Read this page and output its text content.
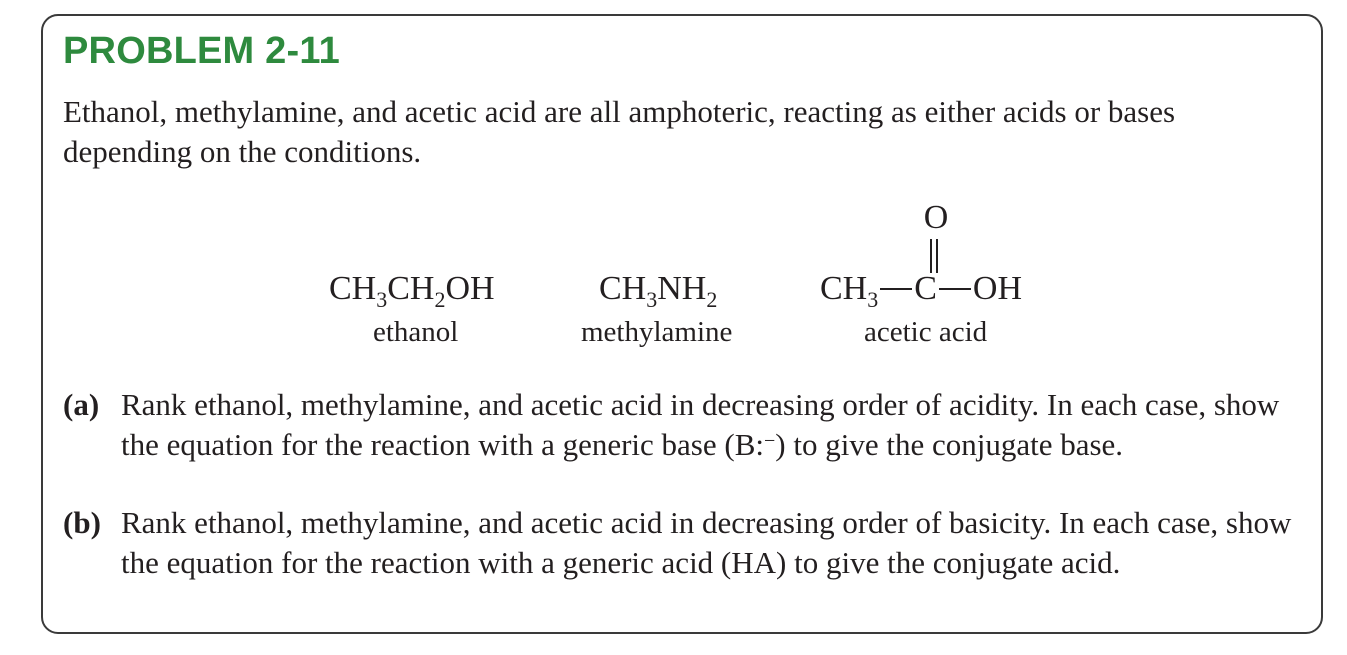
PROBLEM 2-11

Ethanol, methylamine, and acetic acid are all amphoteric, reacting as either acids or bases depending on the conditions.

$CH_3CH_2OH$
ethanol
$CH_3NH_2$
methylamine
O
$CH_3$ C OH
acetic acid
(a) Rank ethanol, methylamine, and acetic acid in decreasing order of acidity. In each case, show the equation for the reaction with a generic base (B:−) to give the conjugate base.
(b) Rank ethanol, methylamine, and acetic acid in decreasing order of basicity. In each case, show the equation for the reaction with a generic acid (HA) to give the conjugate acid.
